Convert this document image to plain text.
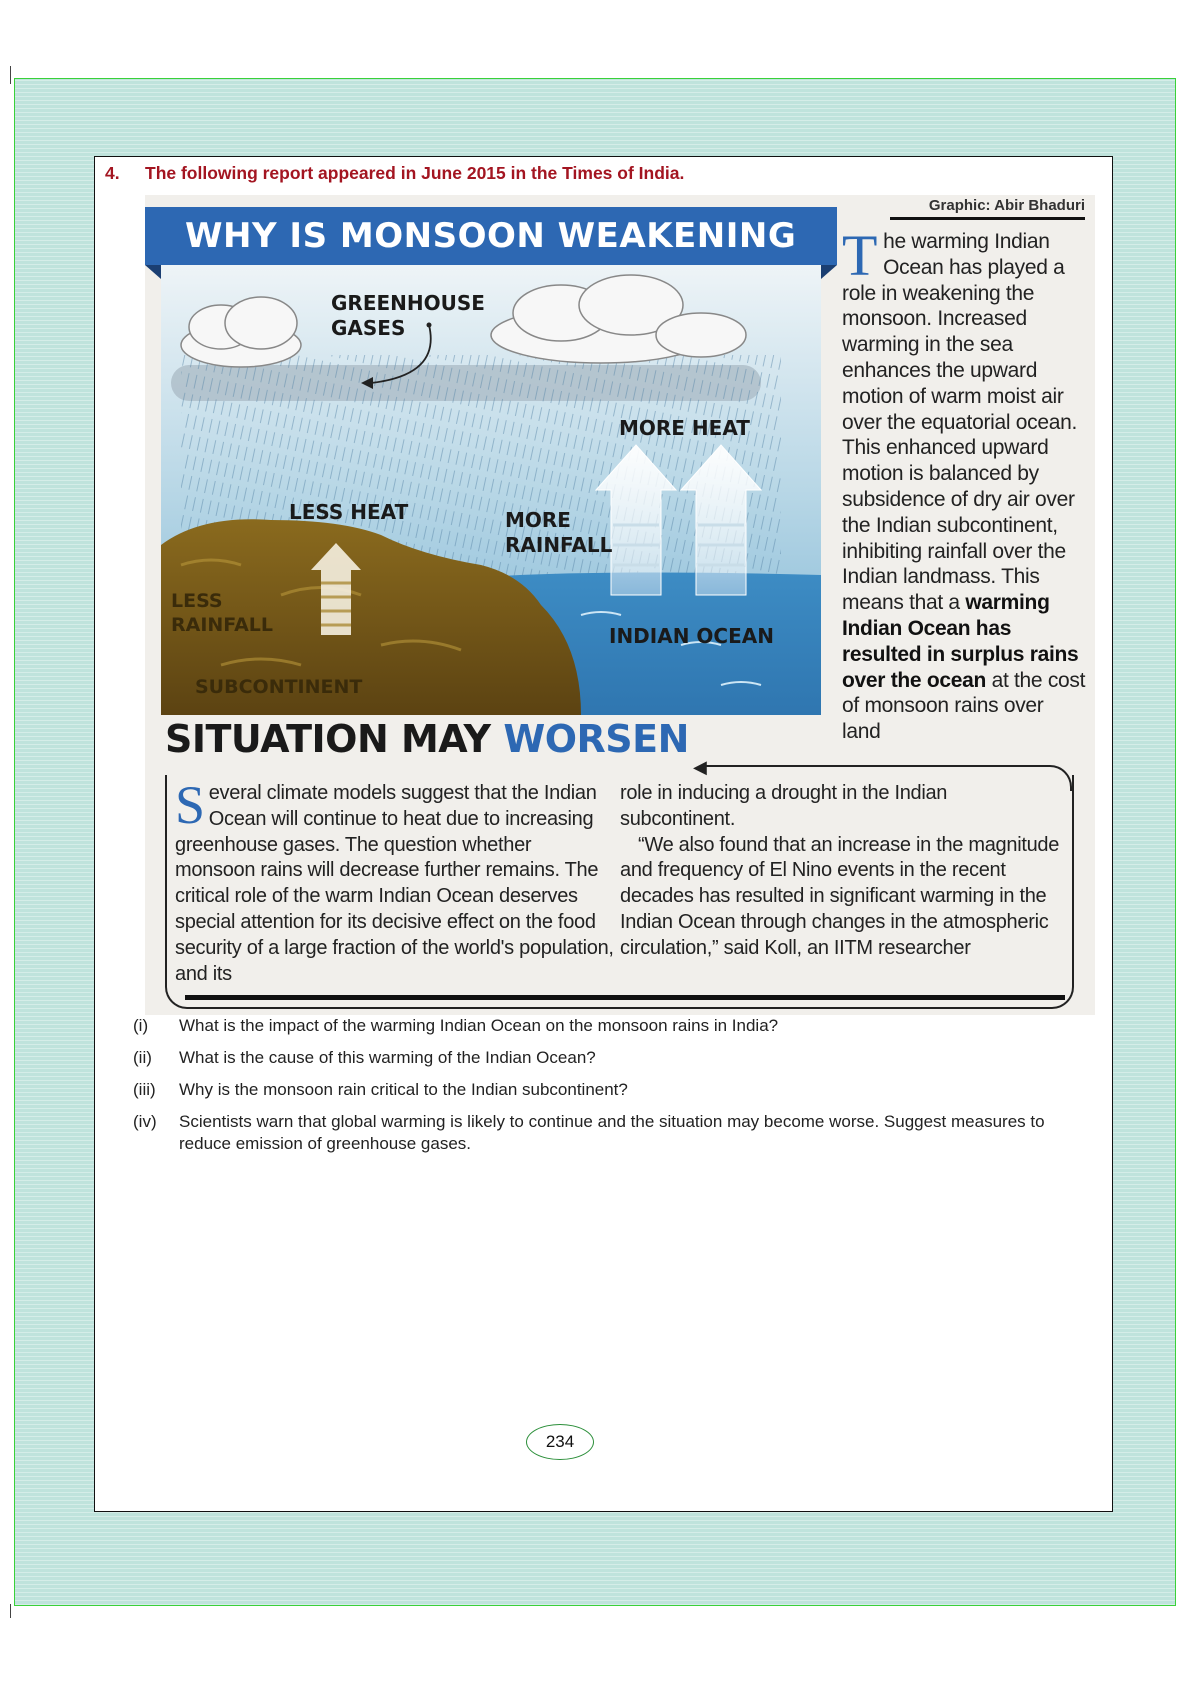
4. The following report appeared in June 2015 in the Times of India.
Graphic: Abir Bhaduri
WHY IS MONSOON WEAKENING
GREENHOUSE
GASES
MORE HEAT
LESS HEAT	MORE
RAINFALL
INDIAN OCEAN
LESS
RAINFALL
SUBCONTINENT
The warming Indian Ocean has played a role in weakening the monsoon. Increased warming in the sea enhances the upward motion of warm moist air over the equatorial ocean. This enhanced upward motion is balanced by subsidence of dry air over the Indian subcontinent, inhibiting rainfall over the Indian landmass. This means that a warming Indian Ocean has resulted in surplus rains over the ocean at the cost of monsoon rains over land
SITUATION MAY WORSEN
◀
Several climate models suggest that the Indian Ocean will continue to heat due to increasing greenhouse gases. The question whether monsoon rains will decrease further remains. The critical role of the warm Indian Ocean deserves special attention for its decisive effect on the food security of a large fraction of the world's population, and its
role in inducing a drought in the Indian subcontinent.
“We also found that an increase in the magnitude and frequency of El Nino events in the recent decades has resulted in significant warming in the Indian Ocean through changes in the atmospheric circulation,” said Koll, an IITM researcher
(i)	What is the impact of the warming Indian Ocean on the monsoon rains in India?
(ii)	What is the cause of this warming of the Indian Ocean?
(iii)	Why is the monsoon rain critical to the Indian subcontinent?
(iv)	Scientists warn that global warming is likely to continue and the situation may become worse. Suggest measures to reduce emission of greenhouse gases.
234
